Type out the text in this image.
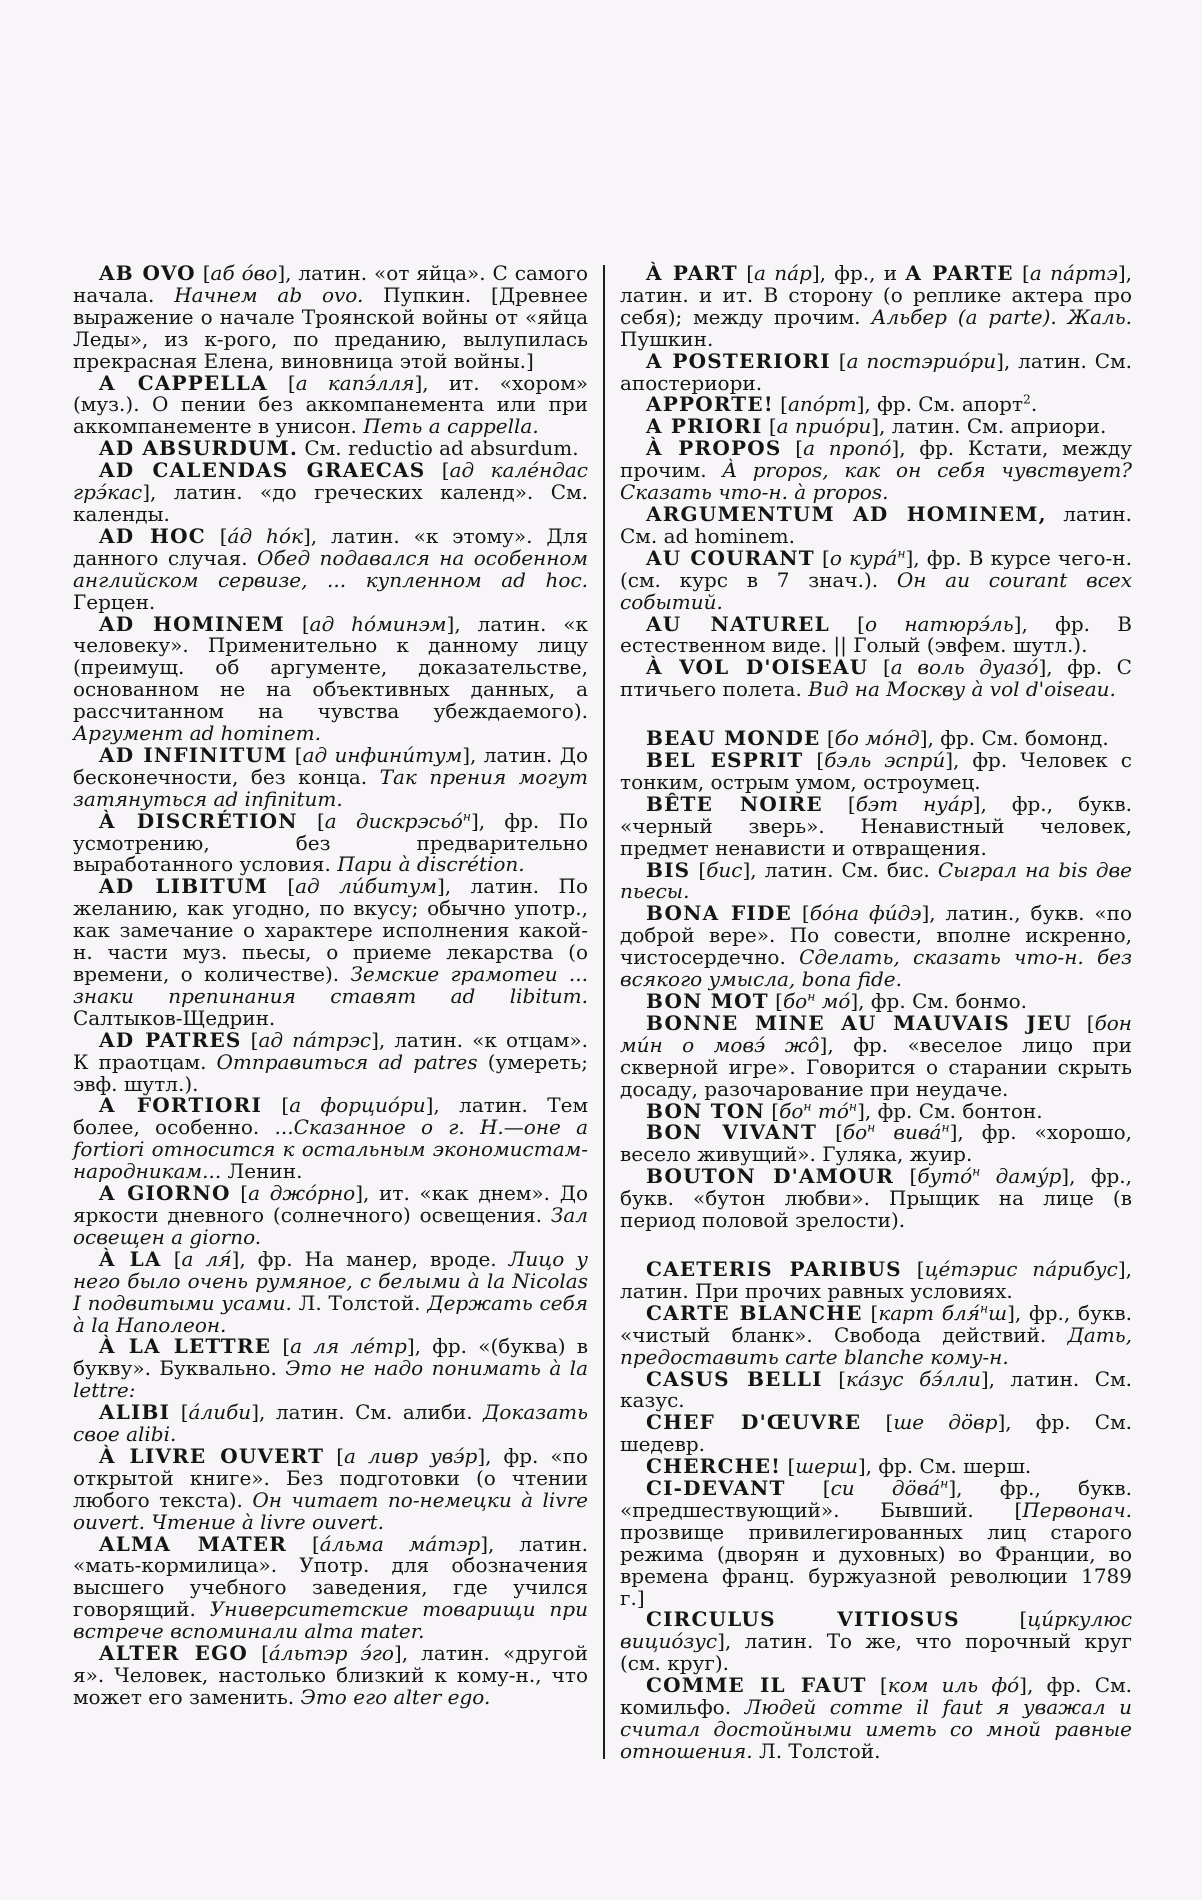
AB OVO [аб о́во], латин. «от яйца». С самого начала. Начнем ab ovo. Пупкин. [Древнее выражение о начале Троянской войны от «яйца Леды», из к-рого, по преданию, вылупилась прекрасная Елена, виновница этой войны.]

A CAPPELLA [а капэ́лля], ит. «хором» (муз.). О пении без аккомпанемента или при аккомпанементе в унисон. Петь a cappella.

AD ABSURDUM. См. reductio ad absurdum.

AD CALENDAS GRAECAS [ад кале́ндас грэ́кас], латин. «до греческих календ». См. календы.

AD HOC [а́д hо́к], латин. «к этому». Для данного случая. Обед подавался на особенном английском сервизе, ... купленном ad hoc. Герцен.

AD HOMINEM [ад hо́минэм], латин. «к человеку». Применительно к данному лицу (преимущ. об аргументе, доказательстве, основанном не на объективных данных, а рассчитанном на чувства убеждаемого). Аргумент ad hominem.

AD INFINITUM [ад инфини́тум], латин. До бесконечности, без конца. Так прения могут затянуться ad infinitum.

À DISCRÉTION [а дискрэсьо́$^н$], фр. По усмотрению, без предварительно выработанного условия. Пари à discrétion.

AD LIBITUM [ад ли́битум], латин. По желанию, как угодно, по вкусу; обычно употр., как замечание о характере исполнения какой-н. части муз. пьесы, о приеме лекарства (о времени, о количестве). Земские грамотеи ... знаки препинания ставят ad libitum. Салтыков-Щедрин.

AD PATRES [ад па́трэс], латин. «к отцам». К праотцам. Отправиться ad patres (умереть; эвф. шутл.).

A FORTIORI [а форцио́ри], латин. Тем более, особенно. ...Сказанное о г. Н.—оне a fortiori относится к остальным экономистам-народникам... Ленин.

A GIORNO [а джо́рно], ит. «как днем». До яркости дневного (солнечного) освещения. Зал освещен a giorno.

À LA [а ля́], фр. На манер, вроде. Лицо у него было очень румяное, с белыми à la Nicolas I подвитыми усами. Л. Толстой. Держать себя à la Наполеон.

À LA LETTRE [а ля ле́тр], фр. «(буква) в букву». Буквально. Это не надо понимать à la lettre:

ALIBI [а́либи], латин. См. алиби. Доказать свое alibi.

À LIVRE OUVERT [а ливр увэ́р], фр. «по открытой книге». Без подготовки (о чтении любого текста). Он читает по-немецки à livre ouvert. Чтение à livre ouvert.

ALMA MATER [а́льма ма́тэр], латин. «мать-кормилица». Употр. для обозначения высшего учебного заведения, где учился говорящий. Университетские товарищи при встрече вспоминали alma mater.

ALTER EGO [а́льтэр э́го], латин. «другой я». Человек, настолько близкий к кому-н., что может его заменить. Это его alter ego.

À PART [а па́р], фр., и A PARTE [а па́ртэ], латин. и ит. В сторону (о реплике актера про себя); между прочим. Альбер (а parte). Жаль. Пушкин.

A POSTERIORI [а постэрио́ри], латин. См. апостериори.

APPORTE! [апо́рт], фр. См. апорт$^2$.

A PRIORI [а прио́ри], латин. См. априори.

À PROPOS [а пропо́], фр. Кстати, между прочим. À propos, как он себя чувствует? Сказать что-н. à propos.

ARGUMENTUM AD HOMINEM, латин. См. ad hominem.

AU COURANT [о кура́$^н$], фр. В курсе чего-н. (см. курс в 7 знач.). Он au courant всех событий.

AU NATUREL [о натюрэ́ль], фр. В естественном виде. || Голый (эвфем. шутл.).

À VOL D'OISEAU [а воль дуазо́], фр. С птичьего полета. Вид на Москву à vol d'oiseau.

BEAU MONDE [бо мо́нд], фр. См. бомонд.

BEL ESPRIT [бэль эспри́], фр. Человек с тонким, острым умом, остроумец.

BÊTE NOIRE [бэт нуа́р], фр., букв. «черный зверь». Ненавистный человек, предмет ненависти и отвращения.

BIS [бис], латин. См. бис. Сыграл на bis две пьесы.

BONA FIDE [бо́на фи́дэ], латин., букв. «по доброй вере». По совести, вполне искренно, чистосердечно. Сделать, сказать что-н. без всякого умысла, bona fide.

BON MOT [$бо^н$ мо́], фр. См. бонмо.

BONNE MINE AU MAUVAIS JEU [бон ми́н о мовэ́ жо̂], фр. «веселое лицо при скверной игре». Говорится о старании скрыть досаду, разочарование при неудаче.

BON TON [$бо^н$ то́$^н$], фр. См. бонтон.

BON VIVANT [$бо^н$ вива́$^н$], фр. «хорошо, весело живущий». Гуляка, жуир.

BOUTON D'AMOUR [буто́$^н$ даму́р], фр., букв. «бутон любви». Прыщик на лице (в период половой зрелости).

CAETERIS PARIBUS [це́тэрис па́рибус], латин. При прочих равных условиях.

CARTE BLANCHE [карт бля́$^н$ш], фр., букв. «чистый бланк». Свобода действий. Дать, предоставить carte blanche кому-н.

CASUS BELLI [ка́зус бэ́лли], латин. См. казус.

CHEF D'ŒUVRE [ше дӧвр], фр. См. шедевр.

CHERCHE! [шерш], фр. См. шерш.

CI-DEVANT [си дӧва́$^н$], фр., букв. «предшествующий». Бывший. [Первонач. прозвище привилегированных лиц старого режима (дворян и духовных) во Франции, во времена франц. буржуазной революции 1789 г.]

CIRCULUS VITIOSUS [ци́ркулюс вицио́зус], латин. То же, что порочный круг (см. круг).

COMME IL FAUT [ком иль фо́], фр. См. комильфо. Людей comme il faut я уважал и считал достойными иметь со мной равные отношения. Л. Толстой.
